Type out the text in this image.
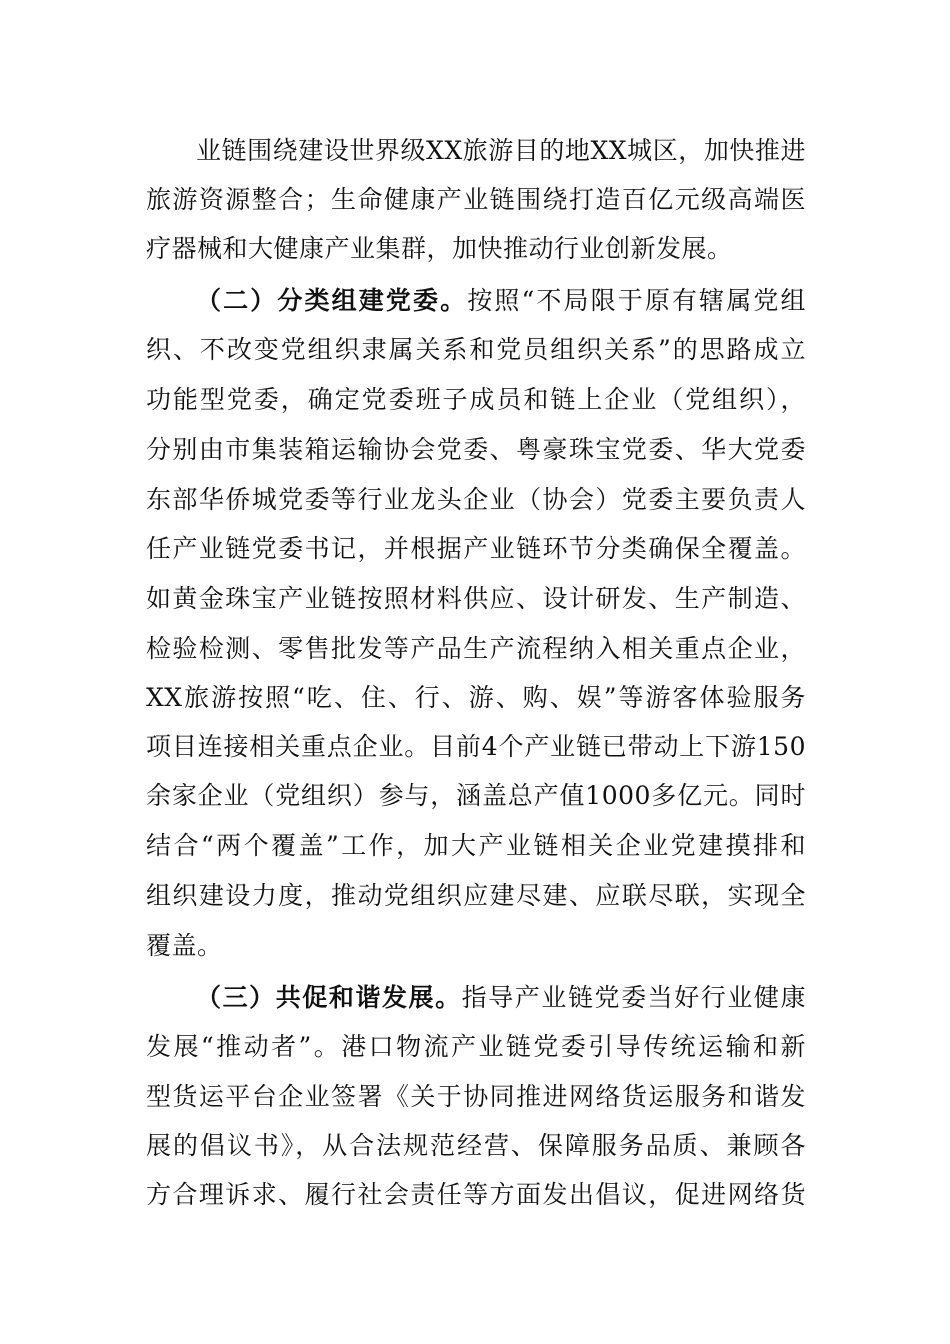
业链围绕建设世界级XX旅游目的地XX城区，加快推进
旅游资源整合；生命健康产业链围绕打造百亿元级高端医
疗器械和大健康产业集群，加快推动行业创新发展。
（二）分类组建党委。按照“不局限于原有辖属党组
织、不改变党组织隶属关系和党员组织关系”的思路成立
功能型党委，确定党委班子成员和链上企业（党组织），
分别由市集装箱运输协会党委、粤豪珠宝党委、华大党委
东部华侨城党委等行业龙头企业（协会）党委主要负责人
任产业链党委书记，并根据产业链环节分类确保全覆盖。
如黄金珠宝产业链按照材料供应、设计研发、生产制造、
检验检测、零售批发等产品生产流程纳入相关重点企业，
XX旅游按照“吃、住、行、游、购、娱”等游客体验服务
项目连接相关重点企业。目前4个产业链已带动上下游150
余家企业（党组织）参与，涵盖总产值1000多亿元。同时
结合“两个覆盖”工作，加大产业链相关企业党建摸排和
组织建设力度，推动党组织应建尽建、应联尽联，实现全
覆盖。
（三）共促和谐发展。指导产业链党委当好行业健康
发展“推动者”。港口物流产业链党委引导传统运输和新
型货运平台企业签署《关于协同推进网络货运服务和谐发
展的倡议书》，从合法规范经营、保障服务品质、兼顾各
方合理诉求、履行社会责任等方面发出倡议，促进网络货
